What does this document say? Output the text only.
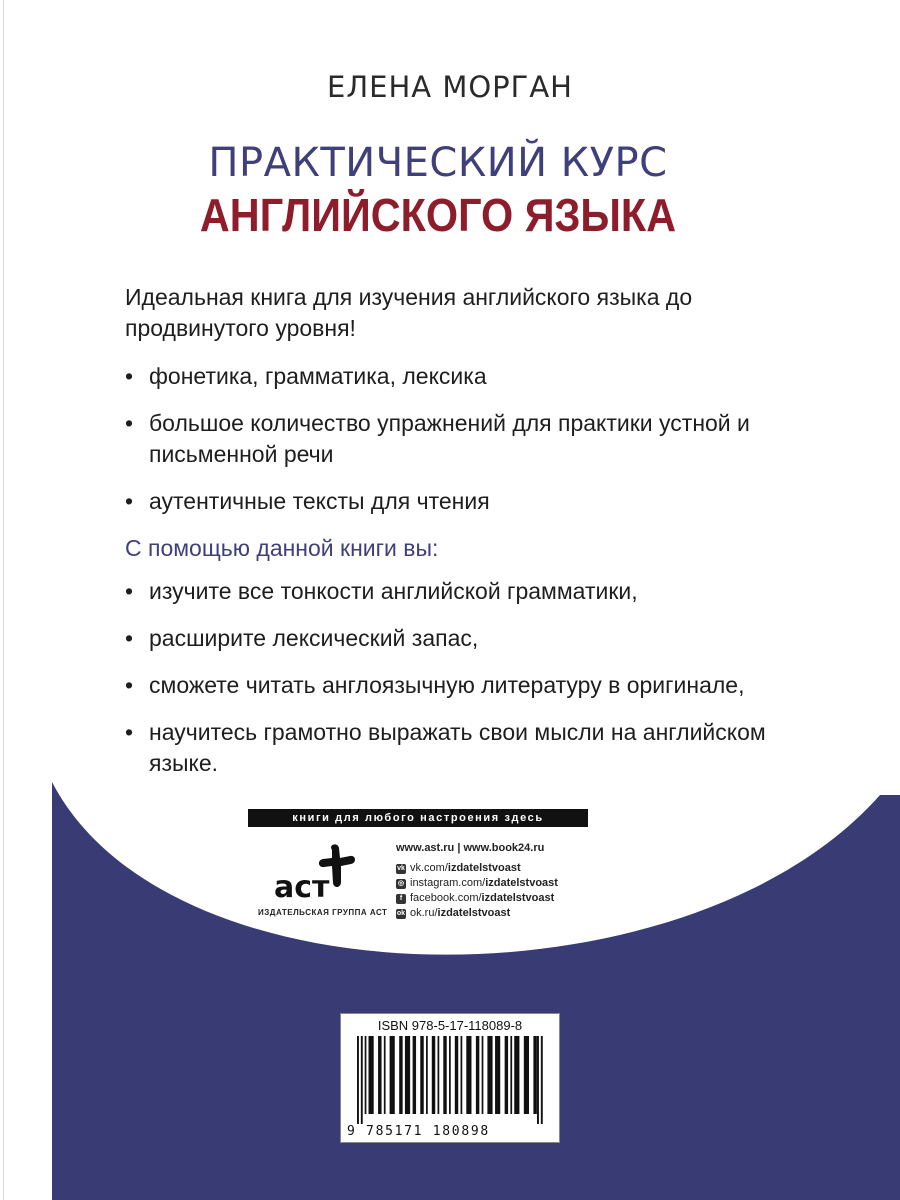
ЕЛЕНА МОРГАН
ПРАКТИЧЕСКИЙ КУРС
АНГЛИЙСКОГО ЯЗЫКА

Идеальная книга для изучения английского языка до продвинутого уровня!

• фонетика, грамматика, лексика
• большое количество упражнений для практики устной и письменной речи
• аутентичные тексты для чтения

С помощью данной книги вы:

• изучите все тонкости английской грамматики,
• расширите лексический запас,
• сможете читать англоязычную литературу в оригинале,
• научитесь грамотно выражать свои мысли на английском языке.
книги для любого настроения здесь
аст
ИЗДАТЕЛЬСКАЯ ГРУППА АСТ
www.ast.ru | www.book24.ru
vk vk.com/ izdatelstvoast
◎ instagram.com/ izdatelstvoast
f facebook.com/ izdatelstvoast
ok ok.ru/ izdatelstvoast
ISBN 978-5-17-118089-8
9 785171 180898
